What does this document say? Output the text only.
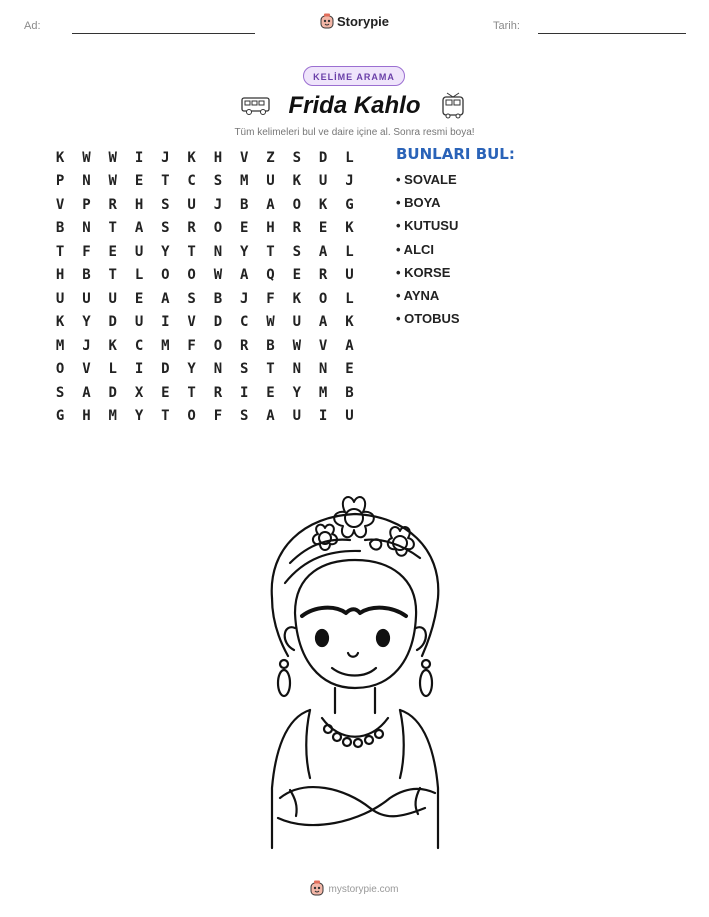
Ad:	Storypie	Tarih:
KELİME ARAMA
Frida Kahlo
Tüm kelimeleri bul ve daire içine al. Sonra resmi boya!
K	W	W	I	J	K	H	V	Z	S	D	L
P	N	W	E	T	C	S	M	U	K	U	J
V	P	R	H	S	U	J	B	A	O	K	G
B	N	T	A	S	R	O	E	H	R	E	K
T	F	E	U	Y	T	N	Y	T	S	A	L
H	B	T	L	O	O	W	A	Q	E	R	U
U	U	U	E	A	S	B	J	F	K	O	L
K	Y	D	U	I	V	D	C	W	U	A	K
M	J	K	C	M	F	O	R	B	W	V	A
O	V	L	I	D	Y	N	S	T	N	N	E
S	A	D	X	E	T	R	I	E	Y	M	B
G	H	M	Y	T	O	F	S	A	U	I	U
BUNLARI BUL:
• SOVALE
• BOYA
• KUTUSU
• ALCI
• KORSE
• AYNA
• OTOBUS
mystorypie.com
